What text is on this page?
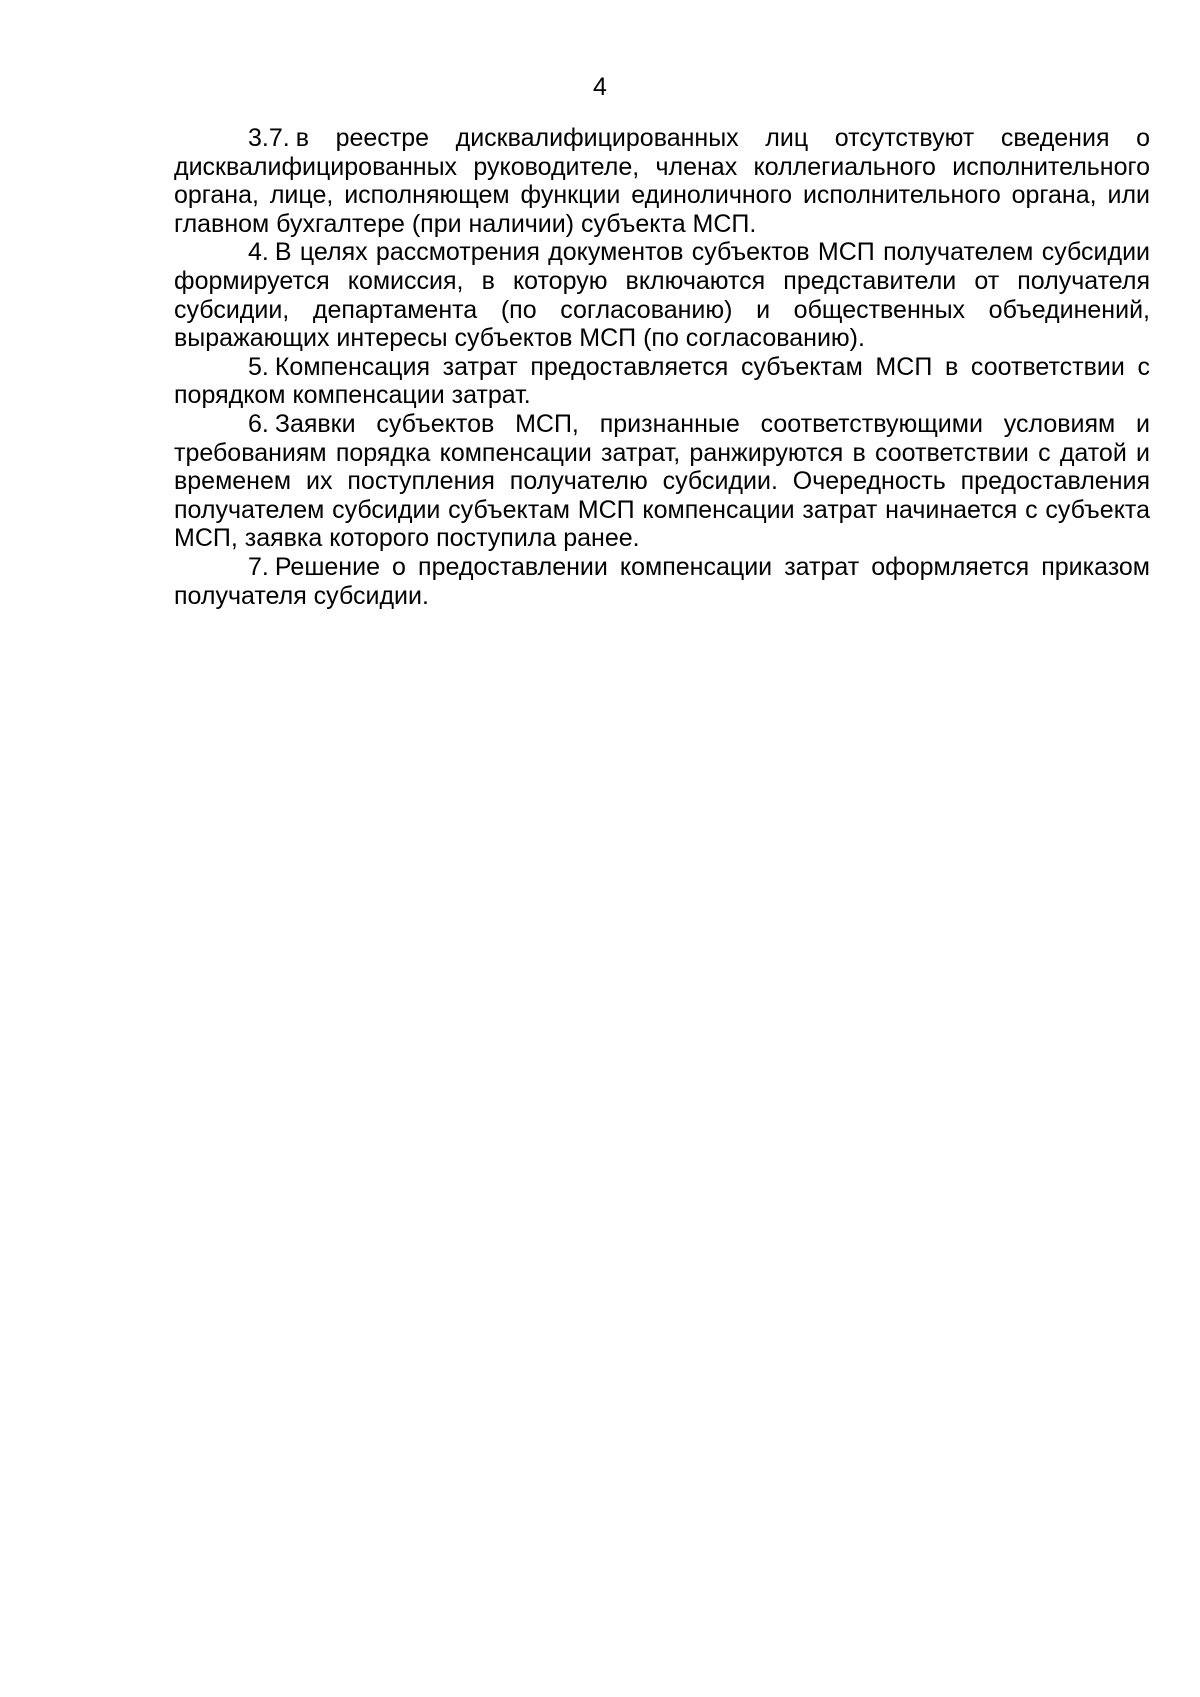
4

3.7. в реестре дисквалифицированных лиц отсутствуют сведения о дисквалифицированных руководителе, членах коллегиального исполнительного органа, лице, исполняющем функции единоличного исполнительного органа, или главном бухгалтере (при наличии) субъекта МСП.

4. В целях рассмотрения документов субъектов МСП получателем субсидии формируется комиссия, в которую включаются представители от получателя субсидии, департамента (по согласованию) и общественных объединений, выражающих интересы субъектов МСП (по согласованию).

5. Компенсация затрат предоставляется субъектам МСП в соответствии с порядком компенсации затрат.

6. Заявки субъектов МСП, признанные соответствующими условиям и требованиям порядка компенсации затрат, ранжируются в соответствии с датой и временем их поступления получателю субсидии. Очередность предоставления получателем субсидии субъектам МСП компенсации затрат начинается с субъекта МСП, заявка которого поступила ранее.

7. Решение о предоставлении компенсации затрат оформляется приказом получателя субсидии.
